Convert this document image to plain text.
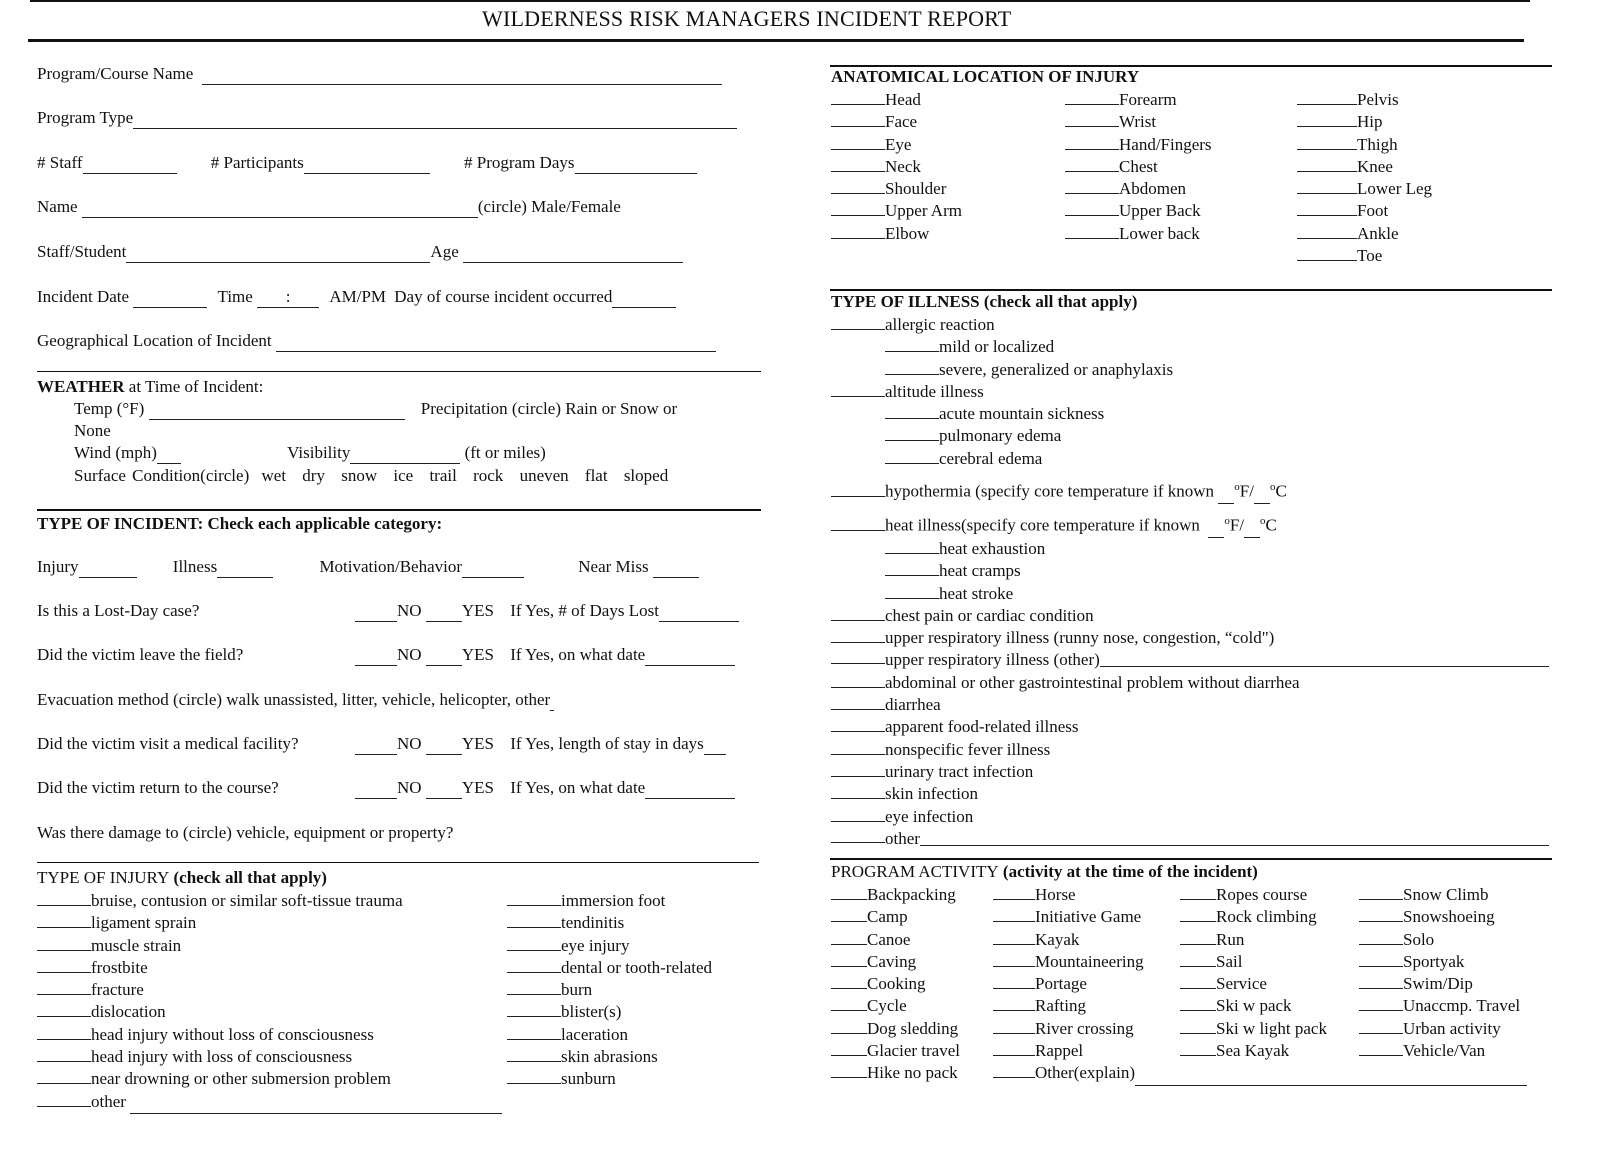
WILDERNESS RISK MANAGERS INCIDENT REPORT
Program/Course Name
Program Type
# Staff	# Participants	# Program Days
Name	(circle) Male/Female
Staff/Student	Age
Incident Date	Time : AM/PM Day of course incident occurred
Geographical Location of Incident
WEATHER at Time of Incident:
Temp (°F)	Precipitation (circle) Rain or Snow or
None
Wind (mph)	Visibility	(ft or miles)
Surface Condition(circle) wet dry snow ice trail rock uneven flat sloped
TYPE OF INCIDENT: Check each applicable category:
Injury	Illness	Motivation/Behavior	Near Miss
Is this a Lost-Day case?	NO YES If Yes, # of Days Lost
Did the victim leave the field?	NO YES If Yes, on what date
Evacuation method (circle) walk unassisted, litter, vehicle, helicopter, other
Did the victim visit a medical facility?	NO YES If Yes, length of stay in days
Did the victim return to the course?	NO YES If Yes, on what date
Was there damage to (circle) vehicle, equipment or property?
TYPE OF INJURY (check all that apply)
bruise, contusion or similar soft-tissue trauma
ligament sprain
muscle strain
frostbite
fracture
dislocation
head injury without loss of consciousness
head injury with loss of consciousness
near drowning or other submersion problem
other
immersion foot
tendinitis
eye injury
dental or tooth-related
burn
blister(s)
laceration
skin abrasions
sunburn
ANATOMICAL LOCATION OF INJURY
Head
Face
Eye
Neck
Shoulder
Upper Arm
Elbow
Forearm
Wrist
Hand/Fingers
Chest
Abdomen
Upper Back
Lower back
Pelvis
Hip
Thigh
Knee
Lower Leg
Foot
Ankle
Toe
TYPE OF ILLNESS (check all that apply)
allergic reaction
mild or localized
severe, generalized or anaphylaxis
altitude illness
acute mountain sickness
pulmonary edema
cerebral edema
hypothermia (specify core temperature if known $^o$F/ $^o$C
heat illness(specify core temperature if known $^o$F/ $^o$C
heat exhaustion
heat cramps
heat stroke
chest pain or cardiac condition
upper respiratory illness (runny nose, congestion, “cold")
upper respiratory illness (other)
abdominal or other gastrointestinal problem without diarrhea
diarrhea
apparent food-related illness
nonspecific fever illness
urinary tract infection
skin infection
eye infection
other
PROGRAM ACTIVITY (activity at the time of the incident)
Backpacking
Camp
Canoe
Caving
Cooking
Cycle
Dog sledding
Glacier travel
Hike no pack
Horse
Initiative Game
Kayak
Mountaineering
Portage
Rafting
River crossing
Rappel
Other(explain)
Ropes course
Rock climbing
Run
Sail
Service
Ski w pack
Ski w light pack
Sea Kayak
Snow Climb
Snowshoeing
Solo
Sportyak
Swim/Dip
Unaccmp. Travel
Urban activity
Vehicle/Van
